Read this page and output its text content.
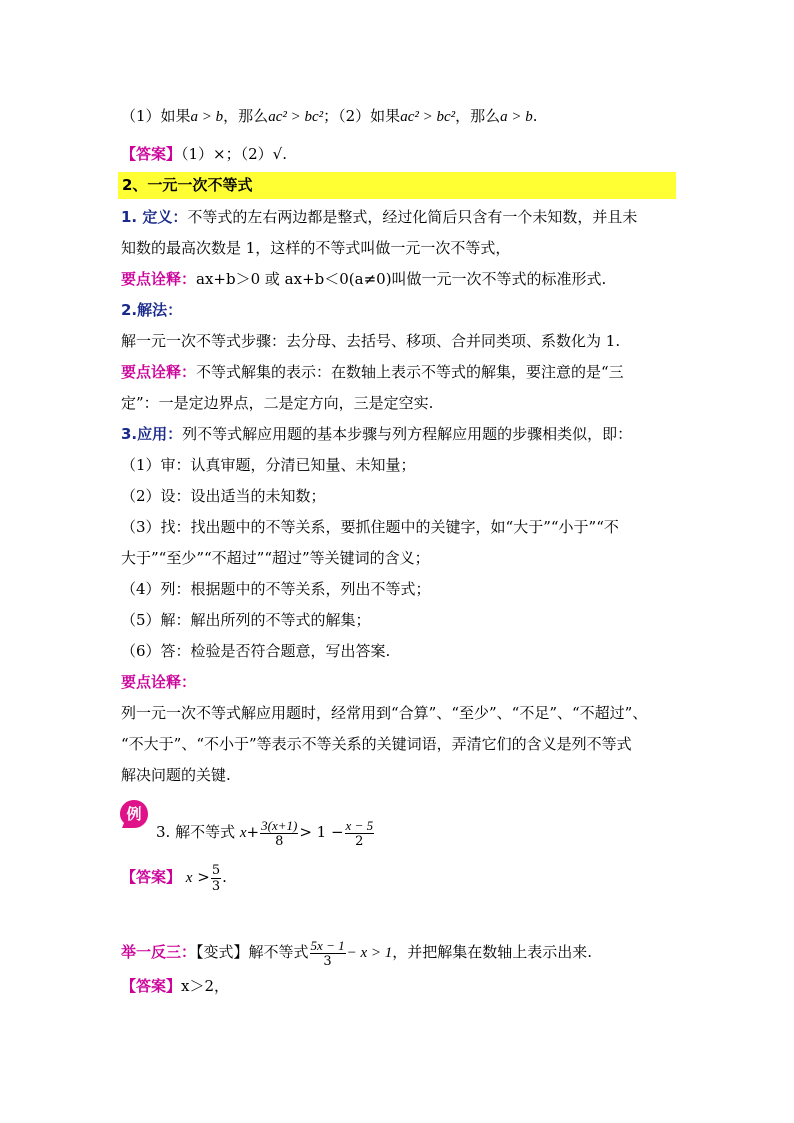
（1）如果a > b，那么ac² > bc²；（2）如果ac² > bc²，那么a > b.
【答案】（1）×；（2）√.
2、一元一次不等式
1. 定义：不等式的左右两边都是整式，经过化简后只含有一个未知数，并且未
知数的最高次数是 1，这样的不等式叫做一元一次不等式，
要点诠释：ax+b＞0 或 ax+b＜0(a≠0)叫做一元一次不等式的标准形式.
2.解法：
解一元一次不等式步骤：去分母、去括号、移项、合并同类项、系数化为 1.
要点诠释：不等式解集的表示：在数轴上表示不等式的解集，要注意的是“三
定”：一是定边界点，二是定方向，三是定空实.
3.应用：列不等式解应用题的基本步骤与列方程解应用题的步骤相类似，即：
（1）审：认真审题，分清已知量、未知量；
（2）设：设出适当的未知数；
（3）找：找出题中的不等关系，要抓住题中的关键字，如“大于”“小于”“不
大于”“至少”“不超过”“超过”等关键词的含义；
（4）列：根据题中的不等关系，列出不等式；
（5）解：解出所列的不等式的解集；
（6）答：检验是否符合题意，写出答案.
要点诠释：
列一元一次不等式解应用题时，经常用到“合算”、“至少”、“不足”、“不超过”、
“不大于”、“不小于”等表示不等关系的关键词语，弄清它们的含义是列不等式
解决问题的关键.
例
3. 解不等式 $x+ \frac{3(x+1)}{8} > 1 - \frac{x - 5}{2}$
【答案】 $x > \frac{5}{3}$ .
举一反三：【变式】解不等式 $\frac{5x - 1}{3} - x > 1$，并把解集在数轴上表示出来.
【答案】x＞2，
